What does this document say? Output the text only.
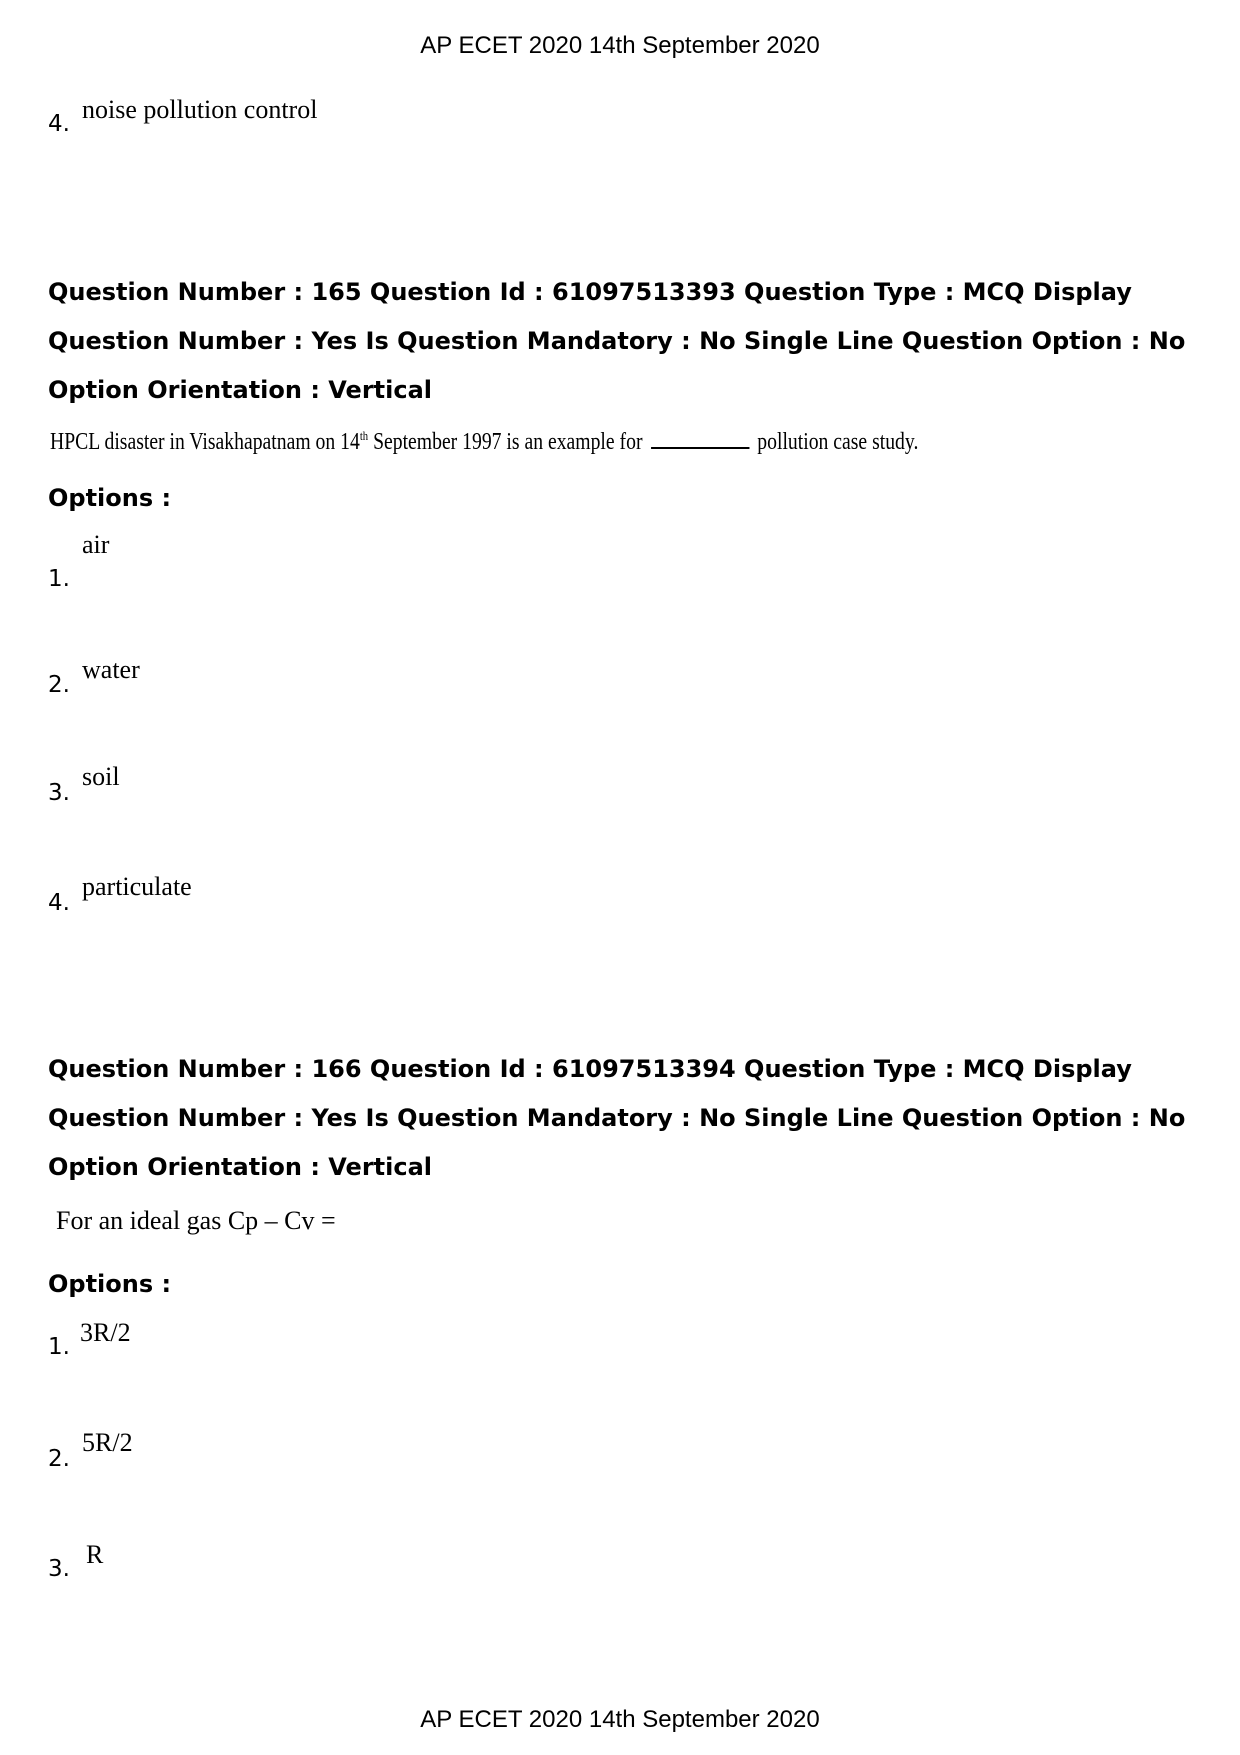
AP ECET 2020 14th September 2020
4. noise pollution control
Question Number : 165 Question Id : 61097513393 Question Type : MCQ Display Question Number : Yes Is Question Mandatory : No Single Line Question Option : No Option Orientation : Vertical
HPCL disaster in Visakhapatnam on 14th September 1997 is an example for	pollution case study.
Options :
1.
air
2.
water
3.
soil
4.
particulate
Question Number : 166 Question Id : 61097513394 Question Type : MCQ Display Question Number : Yes Is Question Mandatory : No Single Line Question Option : No Option Orientation : Vertical
For an ideal gas Cp – Cv =
Options :
1. 3R/2
2.
5R/2
3. R
AP ECET 2020 14th September 2020
